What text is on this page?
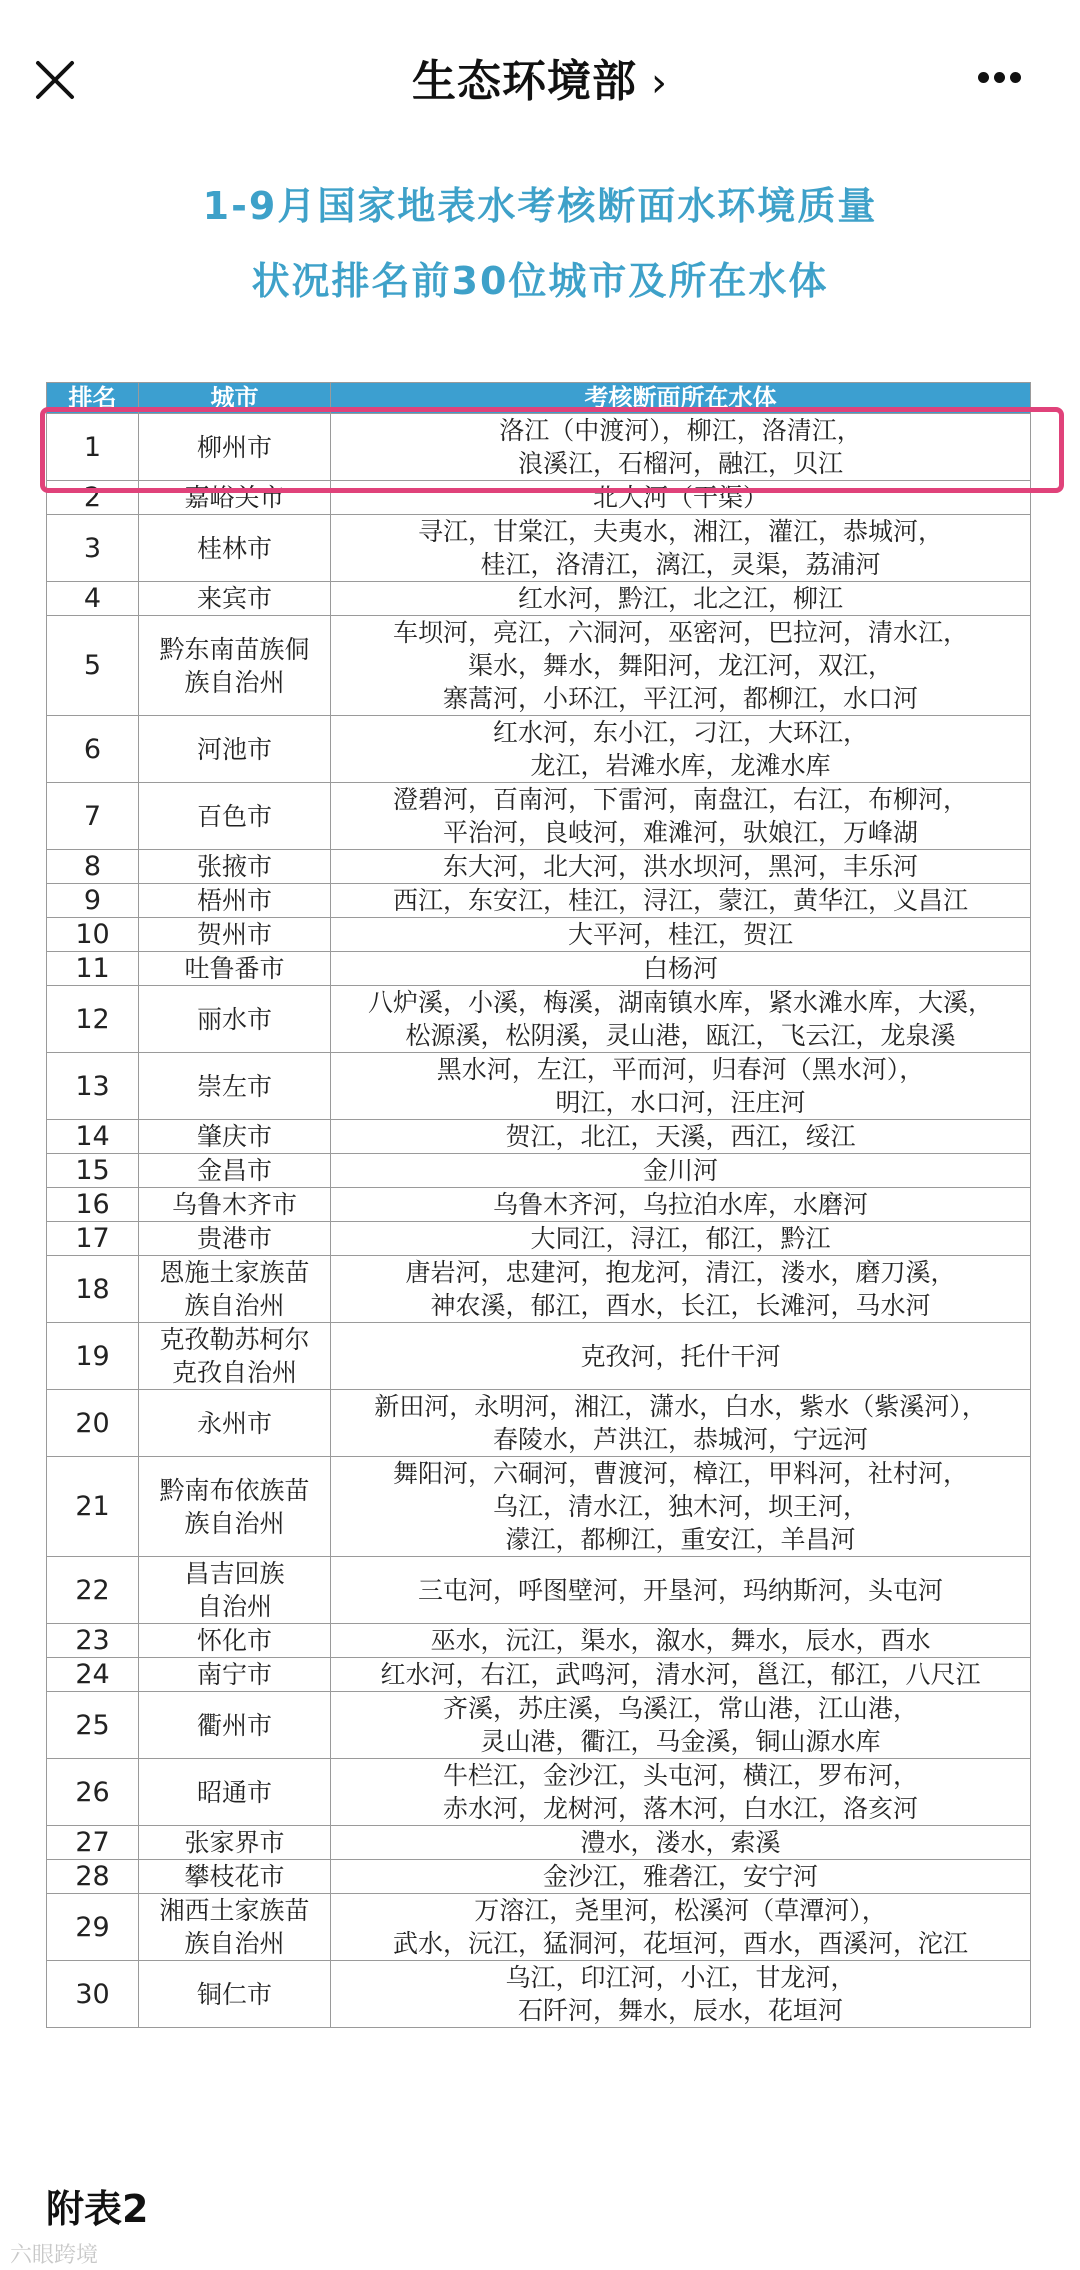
生态环境部 ›
1-9月国家地表水考核断面水环境质量
状况排名前30位城市及所在水体
排名	城市	考核断面所在水体
1	柳州市	洛江（中渡河），柳江，洛清江，
浪溪江，石榴河，融江，贝江
2	嘉峪关市	北大河（干渠）
3	桂林市	寻江，甘棠江，夫夷水，湘江，灌江，恭城河，
桂江，洛清江，漓江，灵渠，荔浦河
4	来宾市	红水河，黔江，北之江，柳江
5	黔东南苗族侗
族自治州	车坝河，亮江，六洞河，巫密河，巴拉河，清水江，
渠水，舞水，舞阳河，龙江河，双江，
寨蒿河，小环江，平江河，都柳江，水口河
6	河池市	红水河，东小江，刁江，大环江，
龙江，岩滩水库，龙滩水库
7	百色市	澄碧河，百南河，下雷河，南盘江，右江，布柳河，
平治河，良岐河，难滩河，驮娘江，万峰湖
8	张掖市	东大河，北大河，洪水坝河，黑河，丰乐河
9	梧州市	西江，东安江，桂江，浔江，蒙江，黄华江，义昌江
10	贺州市	大平河，桂江，贺江
11	吐鲁番市	白杨河
12	丽水市	八炉溪，小溪，梅溪，湖南镇水库，紧水滩水库，大溪，
松源溪，松阴溪，灵山港，瓯江，飞云江，龙泉溪
13	崇左市	黑水河，左江，平而河，归春河（黑水河），
明江，水口河，汪庄河
14	肇庆市	贺江，北江，天溪，西江，绥江
15	金昌市	金川河
16	乌鲁木齐市	乌鲁木齐河，乌拉泊水库，水磨河
17	贵港市	大同江，浔江，郁江，黔江
18	恩施土家族苗
族自治州	唐岩河，忠建河，抱龙河，清江，溇水，磨刀溪，
神农溪，郁江，酉水，长江，长滩河，马水河
19	克孜勒苏柯尔
克孜自治州	克孜河，托什干河
20	永州市	新田河，永明河，湘江，潇水，白水，紫水（紫溪河），
春陵水，芦洪江，恭城河，宁远河
21	黔南布依族苗
族自治州	舞阳河，六硐河，曹渡河，樟江，甲料河，社村河，
乌江，清水江，独木河，坝王河，
濛江，都柳江，重安江，羊昌河
22	昌吉回族
自治州	三屯河，呼图壁河，开垦河，玛纳斯河，头屯河
23	怀化市	巫水，沅江，渠水，溆水，舞水，辰水，酉水
24	南宁市	红水河，右江，武鸣河，清水河，邕江，郁江，八尺江
25	衢州市	齐溪，苏庄溪，乌溪江，常山港，江山港，
灵山港，衢江，马金溪，铜山源水库
26	昭通市	牛栏江，金沙江，头屯河，横江，罗布河，
赤水河，龙树河，落木河，白水江，洛亥河
27	张家界市	澧水，溇水，索溪
28	攀枝花市	金沙江，雅砻江，安宁河
29	湘西土家族苗
族自治州	万溶江，尧里河，松溪河（草潭河），
武水，沅江，猛洞河，花垣河，酉水，酉溪河，沱江
30	铜仁市	乌江，印江河，小江，甘龙河，
石阡河，舞水，辰水，花垣河
附表2
六眼跨境
